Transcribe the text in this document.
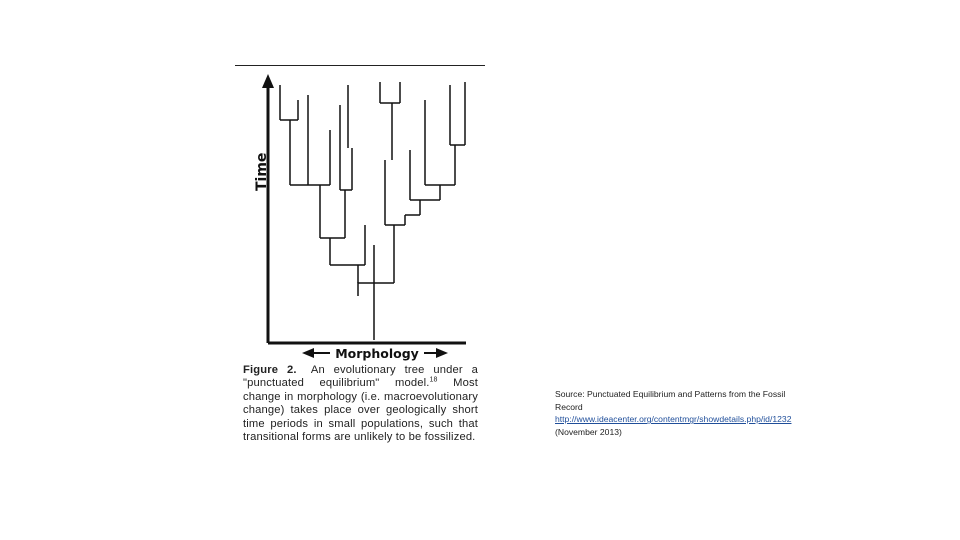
Time
Morphology
Figure 2. An evolutionary tree under a "punctuated equilibrium" model.$^{18}$ Most change in morphology (i.e. macroevolutionary change) takes place over geologically short time periods in small populations, such that transitional forms are unlikely to be fossilized.
Source: Punctuated Equilibrium and Patterns from the Fossil Record
http://www.ideacenter.org/contentmgr/showdetails.php/id/1232 (November 2013)
